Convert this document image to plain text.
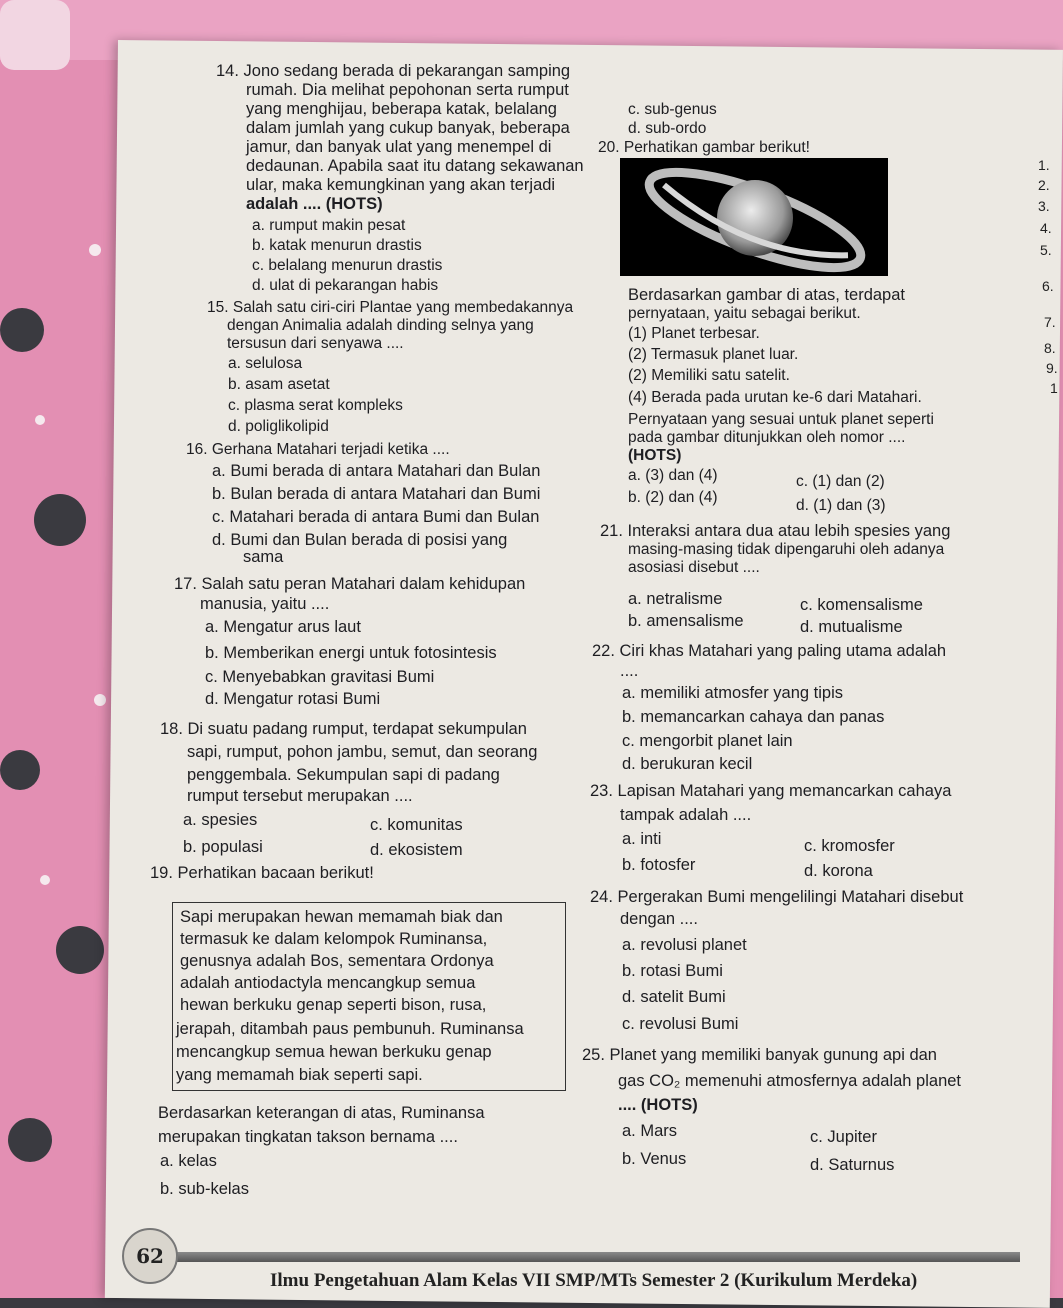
1.
2.
3.
4.
5.
6.
7.
8.
9.
1
14. Jono sedang berada di pekarangan samping
rumah. Dia melihat pepohonan serta rumput
yang menghijau, beberapa katak, belalang
dalam jumlah yang cukup banyak, beberapa
jamur, dan banyak ulat yang menempel di
dedaunan. Apabila saat itu datang sekawanan
ular, maka kemungkinan yang akan terjadi
adalah .... (HOTS)
a. rumput makin pesat
b. katak menurun drastis
c. belalang menurun drastis
d. ulat di pekarangan habis
15. Salah satu ciri-ciri Plantae yang membedakannya
dengan Animalia adalah dinding selnya yang
tersusun dari senyawa ....
a. selulosa
b. asam asetat
c. plasma serat kompleks
d. poliglikolipid
16. Gerhana Matahari terjadi ketika ....
a. Bumi berada di antara Matahari dan Bulan
b. Bulan berada di antara Matahari dan Bumi
c. Matahari berada di antara Bumi dan Bulan
d. Bumi dan Bulan berada di posisi yang
sama
17. Salah satu peran Matahari dalam kehidupan
manusia, yaitu ....
a. Mengatur arus laut
b. Memberikan energi untuk fotosintesis
c. Menyebabkan gravitasi Bumi
d. Mengatur rotasi Bumi
18. Di suatu padang rumput, terdapat sekumpulan
sapi, rumput, pohon jambu, semut, dan seorang
penggembala. Sekumpulan sapi di padang
rumput tersebut merupakan ....
a. spesies
b. populasi
c. komunitas
d. ekosistem
19. Perhatikan bacaan berikut!
Sapi merupakan hewan memamah biak dan
termasuk ke dalam kelompok Ruminansa,
genusnya adalah Bos, sementara Ordonya
adalah antiodactyla mencangkup semua
hewan berkuku genap seperti bison, rusa,
jerapah, ditambah paus pembunuh. Ruminansa
mencangkup semua hewan berkuku genap
yang memamah biak seperti sapi.
Berdasarkan keterangan di atas, Ruminansa
merupakan tingkatan takson bernama ....
a. kelas
b. sub-kelas
c. sub-genus
d. sub-ordo
20. Perhatikan gambar berikut!
Berdasarkan gambar di atas, terdapat
pernyataan, yaitu sebagai berikut.
(1) Planet terbesar.
(2) Termasuk planet luar.
(2) Memiliki satu satelit.
(4) Berada pada urutan ke-6 dari Matahari.
Pernyataan yang sesuai untuk planet seperti
pada gambar ditunjukkan oleh nomor ....
(HOTS)
a. (3) dan (4)
b. (2) dan (4)
c. (1) dan (2)
d. (1) dan (3)
21. Interaksi antara dua atau lebih spesies yang
masing-masing tidak dipengaruhi oleh adanya
asosiasi disebut ....
a. netralisme
b. amensalisme
c. komensalisme
d. mutualisme
22. Ciri khas Matahari yang paling utama adalah
....
a. memiliki atmosfer yang tipis
b. memancarkan cahaya dan panas
c. mengorbit planet lain
d. berukuran kecil
23. Lapisan Matahari yang memancarkan cahaya
tampak adalah ....
a. inti
b. fotosfer
c. kromosfer
d. korona
24. Pergerakan Bumi mengelilingi Matahari disebut
dengan ....
a. revolusi planet
b. rotasi Bumi
d. satelit Bumi
c. revolusi Bumi
25. Planet yang memiliki banyak gunung api dan
gas CO₂ memenuhi atmosfernya adalah planet
.... (HOTS)
a. Mars
b. Venus
c. Jupiter
d. Saturnus
62
Ilmu Pengetahuan Alam Kelas VII SMP/MTs Semester 2 (Kurikulum Merdeka)
